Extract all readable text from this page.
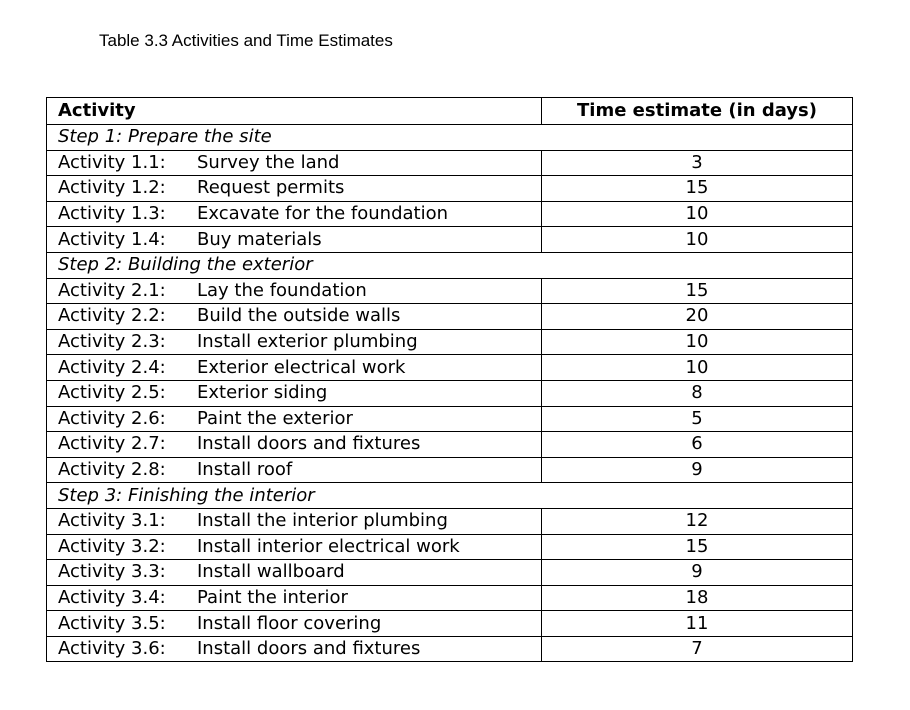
Table 3.3 Activities and Time Estimates
Activity	Time estimate (in days)
Step 1: Prepare the site	
Activity 1.1: Survey the land	3
Activity 1.2: Request permits	15
Activity 1.3: Excavate for the foundation	10
Activity 1.4: Buy materials	10
Step 2: Building the exterior	
Activity 2.1: Lay the foundation	15
Activity 2.2: Build the outside walls	20
Activity 2.3: Install exterior plumbing	10
Activity 2.4: Exterior electrical work	10
Activity 2.5: Exterior siding	8
Activity 2.6: Paint the exterior	5
Activity 2.7: Install doors and fixtures	6
Activity 2.8: Install roof	9
Step 3: Finishing the interior	
Activity 3.1: Install the interior plumbing	12
Activity 3.2: Install interior electrical work	15
Activity 3.3: Install wallboard	9
Activity 3.4: Paint the interior	18
Activity 3.5: Install floor covering	11
Activity 3.6: Install doors and fixtures	7
